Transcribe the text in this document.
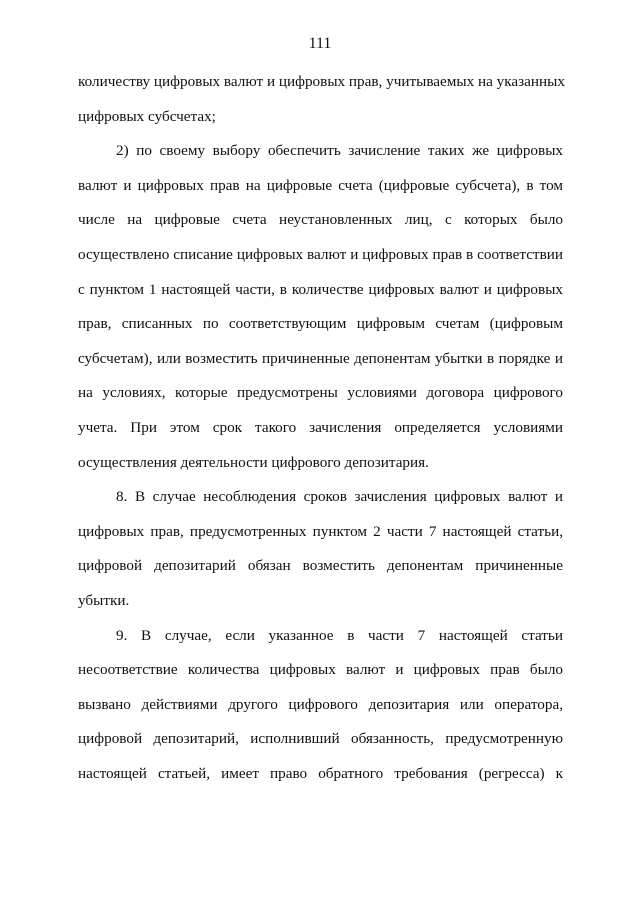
111
количеству цифровых валют и цифровых прав, учитываемых на указанных
цифровых субсчетах;
2) по своему выбору обеспечить зачисление таких же цифровых
валют и цифровых прав на цифровые счета (цифровые субсчета), в том
числе на цифровые счета неустановленных лиц, с которых было
осуществлено списание цифровых валют и цифровых прав в соответствии
с пунктом 1 настоящей части, в количестве цифровых валют и цифровых
прав, списанных по соответствующим цифровым счетам (цифровым
субсчетам), или возместить причиненные депонентам убытки в порядке и
на условиях, которые предусмотрены условиями договора цифрового
учета. При этом срок такого зачисления определяется условиями
осуществления деятельности цифрового депозитария.
8. В случае несоблюдения сроков зачисления цифровых валют и
цифровых прав, предусмотренных пунктом 2 части 7 настоящей статьи,
цифровой депозитарий обязан возместить депонентам причиненные
убытки.
9. В случае, если указанное в части 7 настоящей статьи
несоответствие количества цифровых валют и цифровых прав было
вызвано действиями другого цифрового депозитария или оператора,
цифровой депозитарий, исполнивший обязанность, предусмотренную
настоящей статьей, имеет право обратного требования (регресса) к
